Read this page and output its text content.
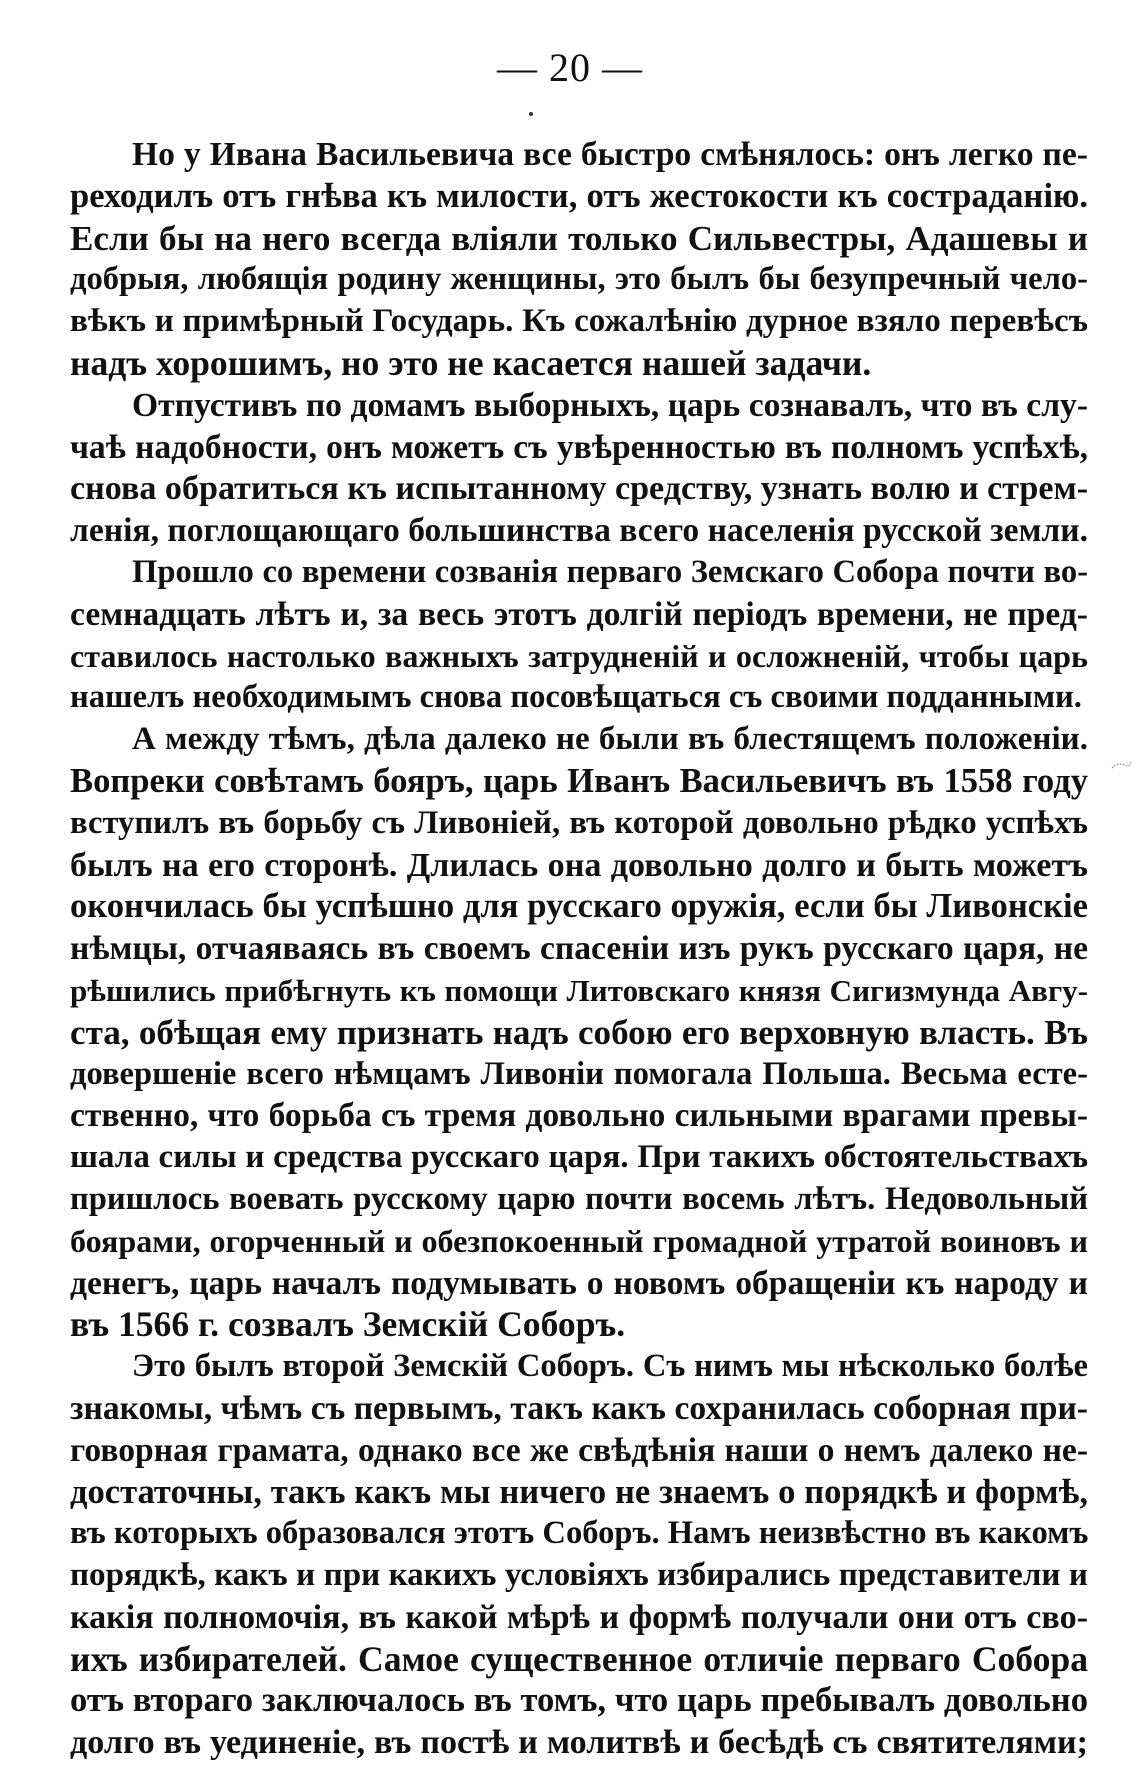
— 20 —
Но у Ивана Васильевича все быстро смѣнялось: онъ легко пе-
реходилъ отъ гнѣва къ милости, отъ жестокости къ состраданію.
Если бы на него всегда вліяли только Сильвестры, Адашевы и
добрыя, любящія родину женщины, это былъ бы безупречный чело-
вѣкъ и примѣрный Государь. Къ сожалѣнію дурное взяло перевѣсъ
надъ хорошимъ, но это не касается нашей задачи.
Отпустивъ по домамъ выборныхъ, царь сознавалъ, что въ слу-
чаѣ надобности, онъ можетъ съ увѣренностью въ полномъ успѣхѣ,
снова обратиться къ испытанному средству, узнать волю и стрем-
ленія, поглощающаго большинства всего населенія русской земли.
Прошло со времени созванія перваго Земскаго Собора почти во-
семнадцать лѣтъ и, за весь этотъ долгій періодъ времени, не пред-
ставилось настолько важныхъ затрудненій и осложненій, чтобы царь
нашелъ необходимымъ снова посовѣщаться съ своими подданными.
А между тѣмъ, дѣла далеко не были въ блестящемъ положеніи.
Вопреки совѣтамъ бояръ, царь Иванъ Васильевичъ въ 1558 году
вступилъ въ борьбу съ Ливоніей, въ которой довольно рѣдко успѣхъ
былъ на его сторонѣ. Длилась она довольно долго и быть можетъ
окончилась бы успѣшно для русскаго оружія, если бы Ливонскіе
нѣмцы, отчаяваясь въ своемъ спасеніи изъ рукъ русскаго царя, не
рѣшились прибѣгнуть къ помощи Литовскаго князя Сигизмунда Авгу-
ста, обѣщая ему признать надъ собою его верховную власть. Въ
довершеніе всего нѣмцамъ Ливоніи помогала Польша. Весьма есте-
ственно, что борьба съ тремя довольно сильными врагами превы-
шала силы и средства русскаго царя. При такихъ обстоятельствахъ
пришлось воевать русскому царю почти восемь лѣтъ. Недовольный
боярами, огорченный и обезпокоенный громадной утратой воиновъ и
денегъ, царь началъ подумывать о новомъ обращеніи къ народу и
въ 1566 г. созвалъ Земскій Соборъ.
Это былъ второй Земскій Соборъ. Съ нимъ мы нѣсколько болѣе
знакомы, чѣмъ съ первымъ, такъ какъ сохранилась соборная при-
говорная грамата, однако все же свѣдѣнія наши о немъ далеко не-
достаточны, такъ какъ мы ничего не знаемъ о порядкѣ и формѣ,
въ которыхъ образовался этотъ Соборъ. Намъ неизвѣстно въ какомъ
порядкѣ, какъ и при какихъ условіяхъ избирались представители и
какія полномочія, въ какой мѣрѣ и формѣ получали они отъ сво-
ихъ избирателей. Самое существенное отличіе перваго Собора
отъ втораго заключалось въ томъ, что царь пребывалъ довольно
долго въ уединеніе, въ постѣ и молитвѣ и бесѣдѣ съ святителями;
